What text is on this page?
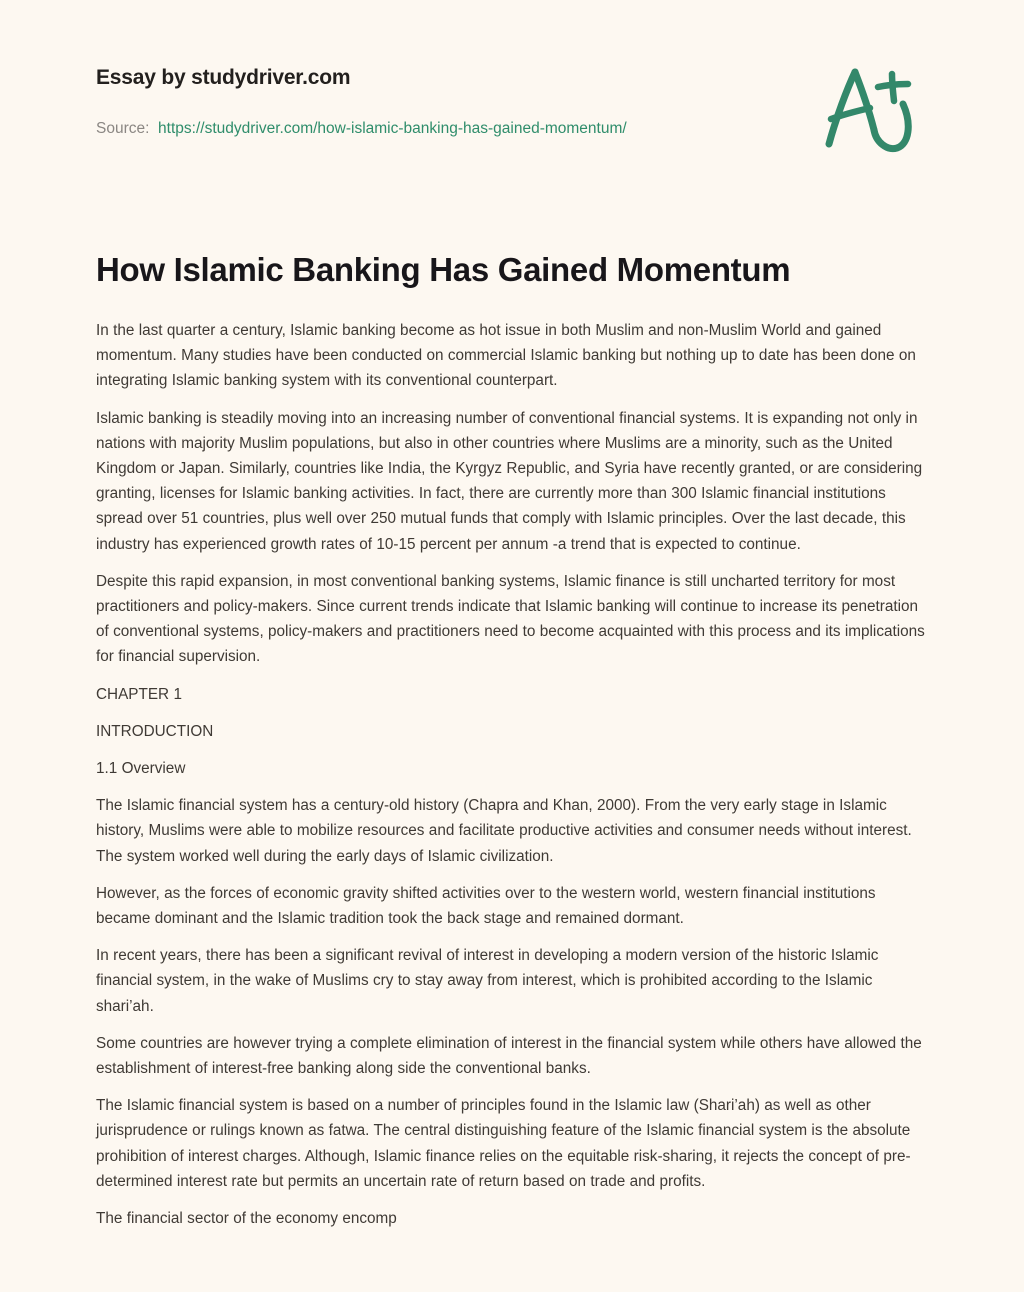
Essay by studydriver.com
Source: https://studydriver.com/how-islamic-banking-has-gained-momentum/
How Islamic Banking Has Gained Momentum

In the last quarter a century, Islamic banking become as hot issue in both Muslim and non-Muslim World and gained momentum. Many studies have been conducted on commercial Islamic banking but nothing up to date has been done on integrating Islamic banking system with its conventional counterpart.

Islamic banking is steadily moving into an increasing number of conventional financial systems. It is expanding not only in nations with majority Muslim populations, but also in other countries where Muslims are a minority, such as the United Kingdom or Japan. Similarly, countries like India, the Kyrgyz Republic, and Syria have recently granted, or are considering granting, licenses for Islamic banking activities. In fact, there are currently more than 300 Islamic financial institutions spread over 51 countries, plus well over 250 mutual funds that comply with Islamic principles. Over the last decade, this industry has experienced growth rates of 10-15 percent per annum -a trend that is expected to continue.

Despite this rapid expansion, in most conventional banking systems, Islamic finance is still uncharted territory for most practitioners and policy-makers. Since current trends indicate that Islamic banking will continue to increase its penetration of conventional systems, policy-makers and practitioners need to become acquainted with this process and its implications for financial supervision.

CHAPTER 1

INTRODUCTION

1.1 Overview

The Islamic financial system has a century-old history (Chapra and Khan, 2000). From the very early stage in Islamic history, Muslims were able to mobilize resources and facilitate productive activities and consumer needs without interest. The system worked well during the early days of Islamic civilization.

However, as the forces of economic gravity shifted activities over to the western world, western financial institutions became dominant and the Islamic tradition took the back stage and remained dormant.

In recent years, there has been a significant revival of interest in developing a modern version of the historic Islamic financial system, in the wake of Muslims cry to stay away from interest, which is prohibited according to the Islamic shari’ah.

Some countries are however trying a complete elimination of interest in the financial system while others have allowed the establishment of interest-free banking along side the conventional banks.

The Islamic financial system is based on a number of principles found in the Islamic law (Shari’ah) as well as other jurisprudence or rulings known as fatwa. The central distinguishing feature of the Islamic financial system is the absolute prohibition of interest charges. Although, Islamic finance relies on the equitable risk-sharing, it rejects the concept of pre-determined interest rate but permits an uncertain rate of return based on trade and profits.

The financial sector of the economy encomp
